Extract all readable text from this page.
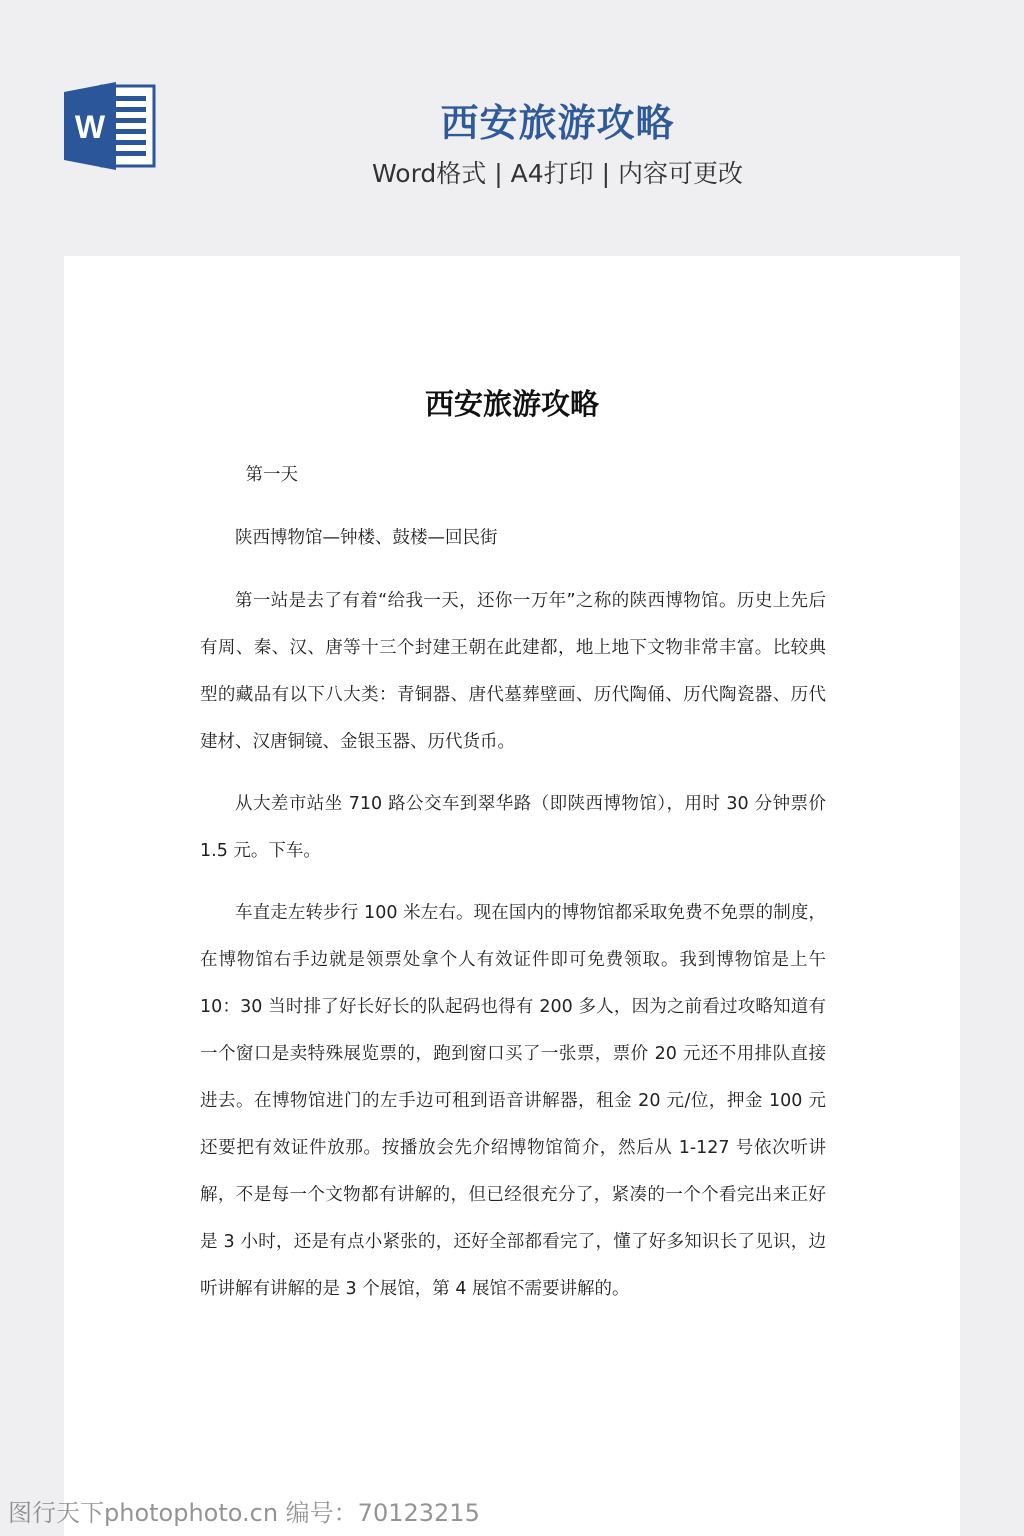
W	西安旅游攻略
Word格式 | A4打印 | 内容可更改
西安旅游攻略

第一天

陕西博物馆—钟楼、鼓楼—回民街

第一站是去了有着“给我一天，还你一万年”之称的陕西博物馆。历史上先后有周、秦、汉、唐等十三个封建王朝在此建都，地上地下文物非常丰富。比较典型的藏品有以下八大类：青铜器、唐代墓葬壁画、历代陶俑、历代陶瓷器、历代建材、汉唐铜镜、金银玉器、历代货币。

从大差市站坐 710 路公交车到翠华路（即陕西博物馆），用时 30 分钟票价 1.5 元。下车。

车直走左转步行 100 米左右。现在国内的博物馆都采取免费不免票的制度，在博物馆右手边就是领票处拿个人有效证件即可免费领取。我到博物馆是上午 10：30 当时排了好长好长的队起码也得有 200 多人，因为之前看过攻略知道有一个窗口是卖特殊展览票的，跑到窗口买了一张票，票价 20 元还不用排队直接进去。在博物馆进门的左手边可租到语音讲解器，租金 20 元/位，押金 100 元还要把有效证件放那。按播放会先介绍博物馆简介，然后从 1-127 号依次听讲解，不是每一个文物都有讲解的，但已经很充分了，紧凑的一个个看完出来正好是 3 小时，还是有点小紧张的，还好全部都看完了，懂了好多知识长了见识，边听讲解有讲解的是 3 个展馆，第 4 展馆不需要讲解的。

图行天下photophoto.cn 编号：70123215
